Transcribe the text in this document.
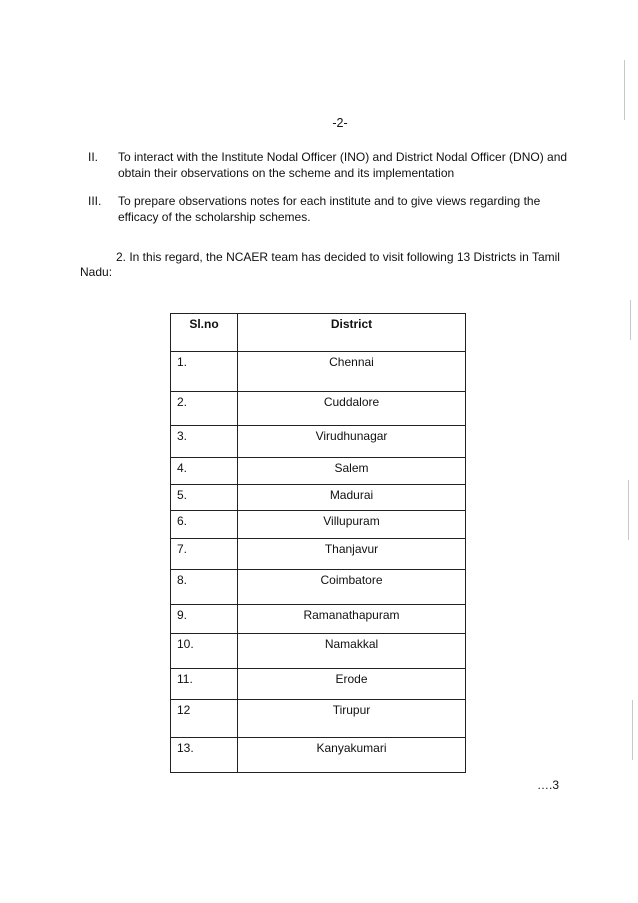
-2-
II. To interact with the Institute Nodal Officer (INO) and District Nodal Officer (DNO) and obtain their observations on the scheme and its implementation
III. To prepare observations notes for each institute and to give views regarding the efficacy of the scholarship schemes.
2. In this regard, the NCAER team has decided to visit following 13 Districts in Tamil Nadu:
Sl.no	District
1.	Chennai
2.	Cuddalore
3.	Virudhunagar
4.	Salem
5.	Madurai
6.	Villupuram
7.	Thanjavur
8.	Coimbatore
9.	Ramanathapuram
10.	Namakkal
11.	Erode
12	Tirupur
13.	Kanyakumari
….3
